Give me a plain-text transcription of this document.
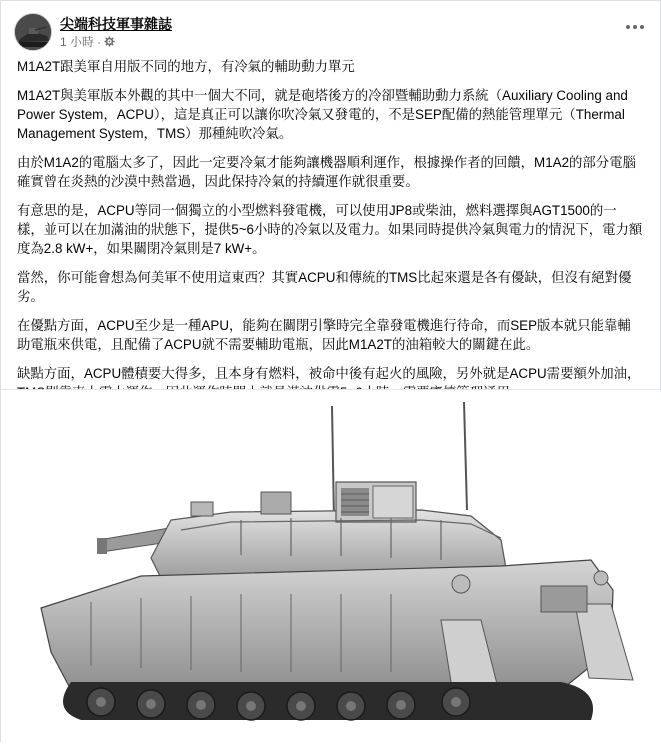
尖端科技軍事雜誌
1 小時 ·

M1A2T跟美軍自用版不同的地方，有冷氣的輔助動力單元

M1A2T與美軍版本外觀的其中一個大不同，就是砲塔後方的冷卻暨輔助動力系統（Auxiliary Cooling and Power System，ACPU），這是真正可以讓你吹冷氣又發電的，不是SEP配備的熱能管理單元（Thermal Management System，TMS）那種純吹冷氣。

由於M1A2的電腦太多了，因此一定要冷氣才能夠讓機器順利運作，根據操作者的回饋，M1A2的部分電腦確實曾在炎熱的沙漠中熱當過，因此保持冷氣的持續運作就很重要。

有意思的是，ACPU等同一個獨立的小型燃料發電機，可以使用JP8或柴油，燃料選擇與AGT1500的一樣，並可以在加滿油的狀態下，提供5~6小時的冷氣以及電力。如果同時提供冷氣與電力的情況下，電力額度為2.8 kW+，如果關閉冷氣則是7 kW+。

當然，你可能會想為何美軍不使用這東西？其實ACPU和傳統的TMS比起來還是各有優缺，但沒有絕對優劣。

在優點方面，ACPU至少是一種APU，能夠在關閉引擎時完全靠發電機進行待命，而SEP版本就只能靠輔助電瓶來供電，且配備了ACPU就不需要輔助電瓶，因此M1A2T的油箱較大的關鍵在此。

缺點方面，ACPU體積要大得多，且本身有燃料，被命中後有起火的風險，另外就是ACPU需要額外加油，
